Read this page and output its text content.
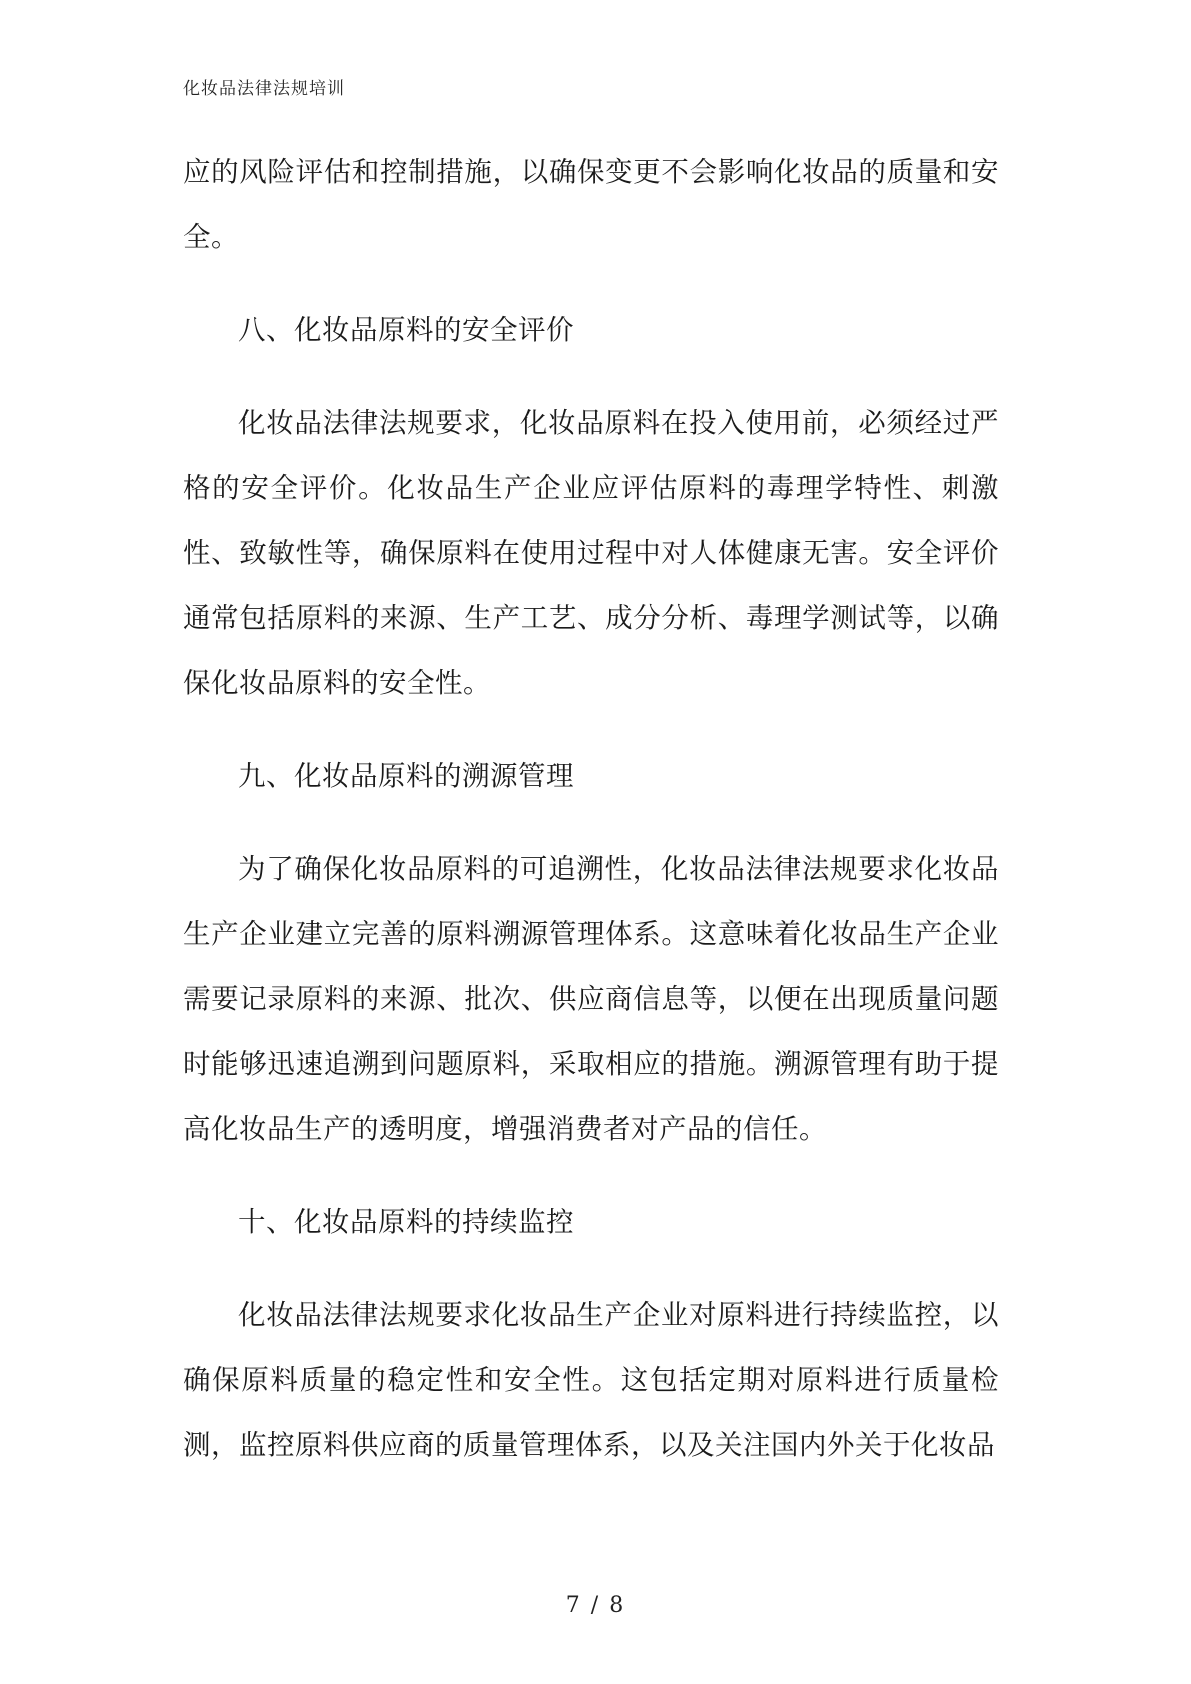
化妆品法律法规培训

应的风险评估和控制措施，以确保变更不会影响化妆品的质量和安全。

八、化妆品原料的安全评价

化妆品法律法规要求，化妆品原料在投入使用前，必须经过严格的安全评价。化妆品生产企业应评估原料的毒理学特性、刺激性、致敏性等，确保原料在使用过程中对人体健康无害。安全评价通常包括原料的来源、生产工艺、成分分析、毒理学测试等，以确保化妆品原料的安全性。

九、化妆品原料的溯源管理

为了确保化妆品原料的可追溯性，化妆品法律法规要求化妆品生产企业建立完善的原料溯源管理体系。这意味着化妆品生产企业需要记录原料的来源、批次、供应商信息等，以便在出现质量问题时能够迅速追溯到问题原料，采取相应的措施。溯源管理有助于提高化妆品生产的透明度，增强消费者对产品的信任。

十、化妆品原料的持续监控

化妆品法律法规要求化妆品生产企业对原料进行持续监控，以确保原料质量的稳定性和安全性。这包括定期对原料进行质量检测，监控原料供应商的质量管理体系，以及关注国内外关于化妆品

7 / 8
